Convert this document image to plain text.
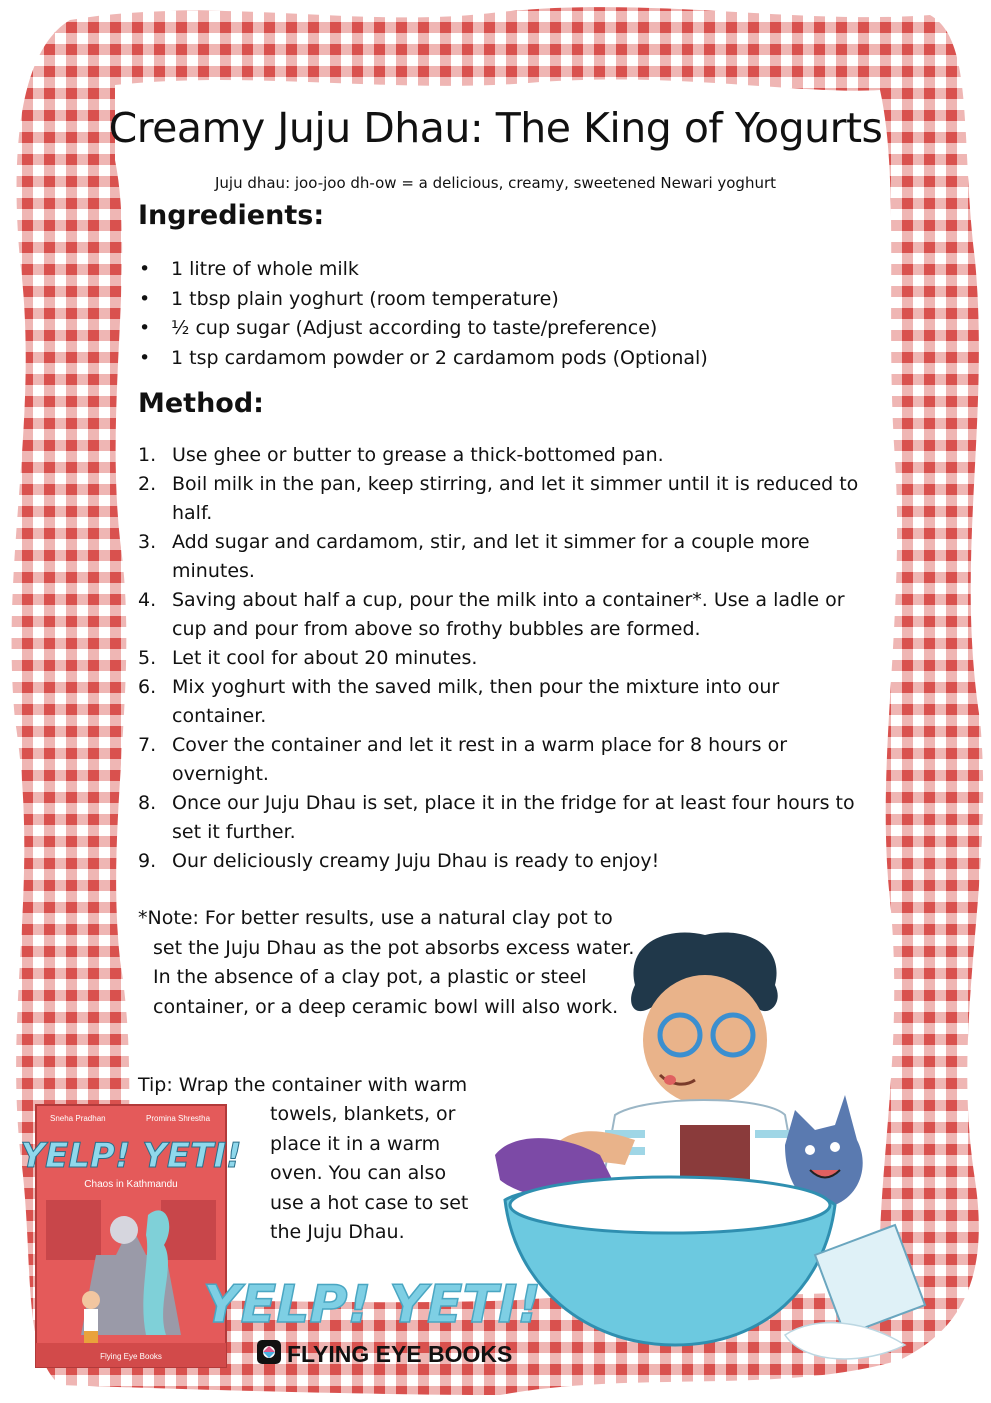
Creamy Juju Dhau: The King of Yogurts

Juju dhau: joo-joo dh-ow = a delicious, creamy, sweetened Newari yoghurt

Ingredients:
• 1 litre of whole milk
• 1 tbsp plain yoghurt (room temperature)
• ½ cup sugar (Adjust according to taste/preference)
• 1 tsp cardamom powder or 2 cardamom pods (Optional)
Method:
1. Use ghee or butter to grease a thick-bottomed pan.
2. Boil milk in the pan, keep stirring, and let it simmer until it is reduced to half.
3. Add sugar and cardamom, stir, and let it simmer for a couple more minutes.
4. Saving about half a cup, pour the milk into a container*. Use a ladle or cup and pour from above so frothy bubbles are formed.
5. Let it cool for about 20 minutes.
6. Mix yoghurt with the saved milk, then pour the mixture into our container.
7. Cover the container and let it rest in a warm place for 8 hours or overnight.
8. Once our Juju Dhau is set, place it in the fridge for at least four hours to set it further.
9. Our deliciously creamy Juju Dhau is ready to enjoy!

*Note: For better results, use a natural clay pot to set the Juju Dhau as the pot absorbs excess water. In the absence of a clay pot, a plastic or steel container, or a deep ceramic bowl will also work.

Tip: Wrap the container with warm

towels, blankets, or place it in a warm oven. You can also use a hot case to set the Juju Dhau.

Sneha Pradhan	Promina Shrestha
YELP! YETI!
Chaos in Kathmandu
Flying Eye Books
YELP! YETI!
FLYING EYE BOOKS
